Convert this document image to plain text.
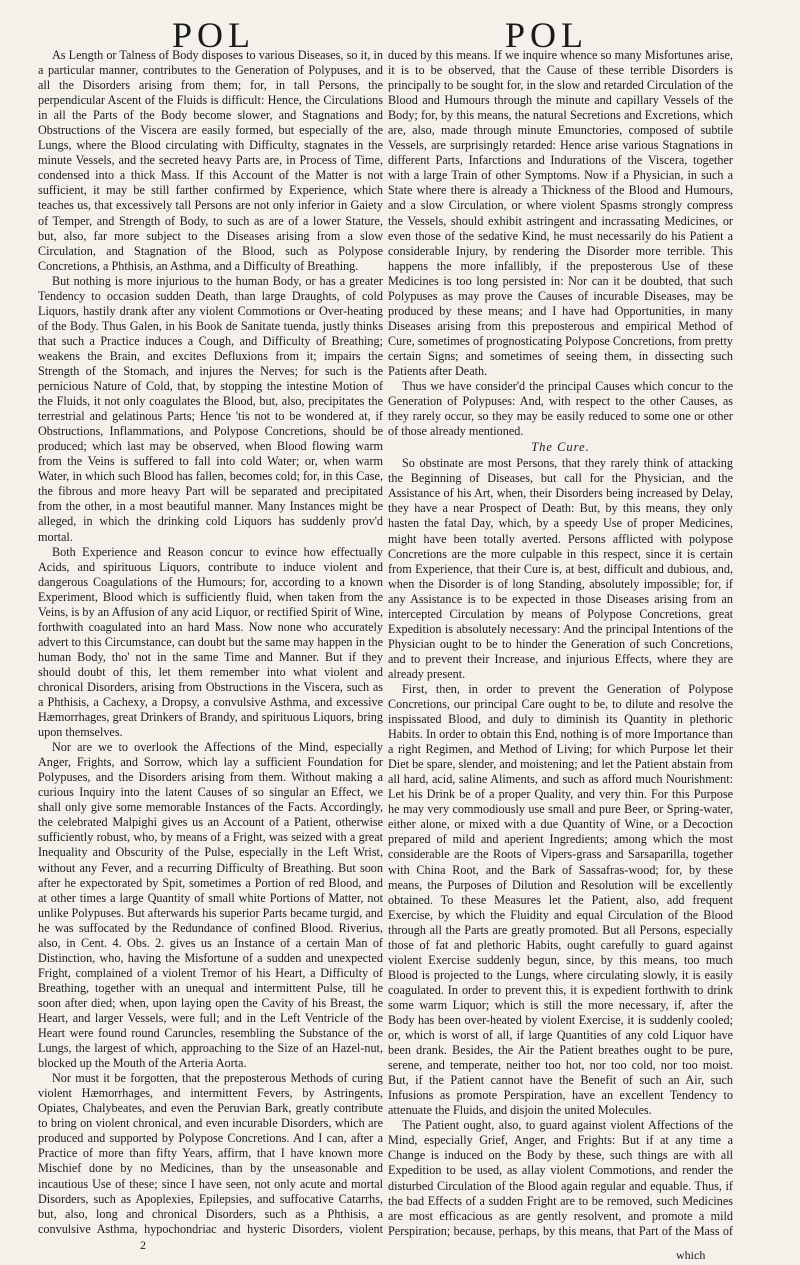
POL	POL

As Length or Talness of Body disposes to various Diseases, so it, in a particular manner, contributes to the Generation of Polypuses, and all the Disorders arising from them; for, in tall Persons, the perpendicular Ascent of the Fluids is difficult: Hence, the Circulations in all the Parts of the Body become slower, and Stagnations and Obstructions of the Viscera are easily formed, but especially of the Lungs, where the Blood circulating with Difficulty, stagnates in the minute Vessels, and the secreted heavy Parts are, in Process of Time, condensed into a thick Mass. If this Account of the Matter is not sufficient, it may be still farther confirmed by Experience, which teaches us, that excessively tall Persons are not only inferior in Gaiety of Temper, and Strength of Body, to such as are of a lower Stature, but, also, far more subject to the Diseases arising from a slow Circulation, and Stagnation of the Blood, such as Polypose Concretions, a Phthisis, an Asthma, and a Difficulty of Breathing.

But nothing is more injurious to the human Body, or has a greater Tendency to occasion sudden Death, than large Draughts, of cold Liquors, hastily drank after any violent Commotions or Over-heating of the Body. Thus Galen, in his Book de Sanitate tuenda, justly thinks that such a Practice induces a Cough, and Difficulty of Breathing; weakens the Brain, and excites Defluxions from it; impairs the Strength of the Stomach, and injures the Nerves; for such is the pernicious Nature of Cold, that, by stopping the intestine Motion of the Fluids, it not only coagulates the Blood, but, also, precipitates the terrestrial and gelatinous Parts; Hence 'tis not to be wondered at, if Obstructions, Inflammations, and Polypose Concretions, should be produced; which last may be observed, when Blood flowing warm from the Veins is suffered to fall into cold Water; or, when warm Water, in which such Blood has fallen, becomes cold; for, in this Case, the fibrous and more heavy Part will be separated and precipitated from the other, in a most beautiful manner. Many Instances might be alleged, in which the drinking cold Liquors has suddenly prov'd mortal.

Both Experience and Reason concur to evince how effectually Acids, and spirituous Liquors, contribute to induce violent and dangerous Coagulations of the Humours; for, according to a known Experiment, Blood which is sufficiently fluid, when taken from the Veins, is by an Affusion of any acid Liquor, or rectified Spirit of Wine, forthwith coagulated into an hard Mass. Now none who accurately advert to this Circumstance, can doubt but the same may happen in the human Body, tho' not in the same Time and Manner. But if they should doubt of this, let them remember into what violent and chronical Disorders, arising from Obstructions in the Viscera, such as a Phthisis, a Cachexy, a Dropsy, a convulsive Asthma, and excessive Hæmorrhages, great Drinkers of Brandy, and spirituous Liquors, bring upon themselves.

Nor are we to overlook the Affections of the Mind, especially Anger, Frights, and Sorrow, which lay a sufficient Foundation for Polypuses, and the Disorders arising from them. Without making a curious Inquiry into the latent Causes of so singular an Effect, we shall only give some memorable Instances of the Facts. Accordingly, the celebrated Malpighi gives us an Account of a Patient, otherwise sufficiently robust, who, by means of a Fright, was seized with a great Inequality and Obscurity of the Pulse, especially in the Left Wrist, without any Fever, and a recurring Difficulty of Breathing. But soon after he expectorated by Spit, sometimes a Portion of red Blood, and at other times a large Quantity of small white Portions of Matter, not unlike Polypuses. But afterwards his superior Parts became turgid, and he was suffocated by the Redundance of confined Blood. Riverius, also, in Cent. 4. Obs. 2. gives us an Instance of a certain Man of Distinction, who, having the Misfortune of a sudden and unexpected Fright, complained of a violent Tremor of his Heart, a Difficulty of Breathing, together with an unequal and intermittent Pulse, till he soon after died; when, upon laying open the Cavity of his Breast, the Heart, and larger Vessels, were full; and in the Left Ventricle of the Heart were found round Caruncles, resembling the Substance of the Lungs, the largest of which, approaching to the Size of an Hazel-nut, blocked up the Mouth of the Arteria Aorta.

Nor must it be forgotten, that the preposterous Methods of curing violent Hæmorrhages, and intermittent Fevers, by Astringents, Opiates, Chalybeates, and even the Peruvian Bark, greatly contribute to bring on violent chronical, and even incurable Disorders, which are produced and supported by Polypose Concretions. And I can, after a Practice of more than fifty Years, affirm, that I have known more Mischief done by no Medicines, than by the unseasonable and incautious Use of these; since I have seen, not only acute and mortal Disorders, such as Apoplexies, Epilepsies, and suffocative Catarrhs, but, also, long and chronical Disorders, such as a Phthisis, a convulsive Asthma, hypochondriac and hysteric Disorders, violent

duced by this means. If we inquire whence so many Misfortunes arise, it is to be observed, that the Cause of these terrible Disorders is principally to be sought for, in the slow and retarded Circulation of the Blood and Humours through the minute and capillary Vessels of the Body; for, by this means, the natural Secretions and Excretions, which are, also, made through minute Emunctories, composed of subtile Vessels, are surprisingly retarded: Hence arise various Stagnations in different Parts, Infarctions and Indurations of the Viscera, together with a large Train of other Symptoms. Now if a Physician, in such a State where there is already a Thickness of the Blood and Humours, and a slow Circulation, or where violent Spasms strongly compress the Vessels, should exhibit astringent and incrassating Medicines, or even those of the sedative Kind, he must necessarily do his Patient a considerable Injury, by rendering the Disorder more terrible. This happens the more infallibly, if the preposterous Use of these Medicines is too long persisted in: Nor can it be doubted, that such Polypuses as may prove the Causes of incurable Diseases, may be produced by these means; and I have had Opportunities, in many Diseases arising from this preposterous and empirical Method of Cure, sometimes of prognosticating Polypose Concretions, from pretty certain Signs; and sometimes of seeing them, in dissecting such Patients after Death.

Thus we have consider'd the principal Causes which concur to the Generation of Polypuses: And, with respect to the other Causes, as they rarely occur, so they may be easily reduced to some one or other of those already mentioned.

The Cure.

So obstinate are most Persons, that they rarely think of attacking the Beginning of Diseases, but call for the Physician, and the Assistance of his Art, when, their Disorders being increased by Delay, they have a near Prospect of Death: But, by this means, they only hasten the fatal Day, which, by a speedy Use of proper Medicines, might have been totally averted. Persons afflicted with polypose Concretions are the more culpable in this respect, since it is certain from Experience, that their Cure is, at best, difficult and dubious, and, when the Disorder is of long Standing, absolutely impossible; for, if any Assistance is to be expected in those Diseases arising from an intercepted Circulation by means of Polypose Concretions, great Expedition is absolutely necessary: And the principal Intentions of the Physician ought to be to hinder the Generation of such Concretions, and to prevent their Increase, and injurious Effects, where they are already present.

First, then, in order to prevent the Generation of Polypose Concretions, our principal Care ought to be, to dilute and resolve the inspissated Blood, and duly to diminish its Quantity in plethoric Habits. In order to obtain this End, nothing is of more Importance than a right Regimen, and Method of Living; for which Purpose let their Diet be spare, slender, and moistening; and let the Patient abstain from all hard, acid, saline Aliments, and such as afford much Nourishment: Let his Drink be of a proper Quality, and very thin. For this Purpose he may very commodiously use small and pure Beer, or Spring-water, either alone, or mixed with a due Quantity of Wine, or a Decoction prepared of mild and aperient Ingredients; among which the most considerable are the Roots of Vipers-grass and Sarsaparilla, together with China Root, and the Bark of Sassafras-wood; for, by these means, the Purposes of Dilution and Resolution will be excellently obtained. To these Measures let the Patient, also, add frequent Exercise, by which the Fluidity and equal Circulation of the Blood through all the Parts are greatly promoted. But all Persons, especially those of fat and plethoric Habits, ought carefully to guard against violent Exercise suddenly begun, since, by this means, too much Blood is projected to the Lungs, where circulating slowly, it is easily coagulated. In order to prevent this, it is expedient forthwith to drink some warm Liquor; which is still the more necessary, if, after the Body has been over-heated by violent Exercise, it is suddenly cooled; or, which is worst of all, if large Quantities of any cold Liquor have been drank. Besides, the Air the Patient breathes ought to be pure, serene, and temperate, neither too hot, nor too cold, nor too moist. But, if the Patient cannot have the Benefit of such an Air, such Infusions as promote Perspiration, have an excellent Tendency to attenuate the Fluids, and disjoin the united Molecules.

The Patient ought, also, to guard against violent Affections of the Mind, especially Grief, Anger, and Frights: But if at any time a Change is induced on the Body by these, such things are with all Expedition to be used, as allay violent Commotions, and render the disturbed Circulation of the Blood again regular and equable. Thus, if the bad Effects of a sudden Fright are to be removed, such Medicines are most efficacious as are gently resolvent, and promote a mild Perspiration; because, perhaps, by this means, that Part of the Mass of

2
which
